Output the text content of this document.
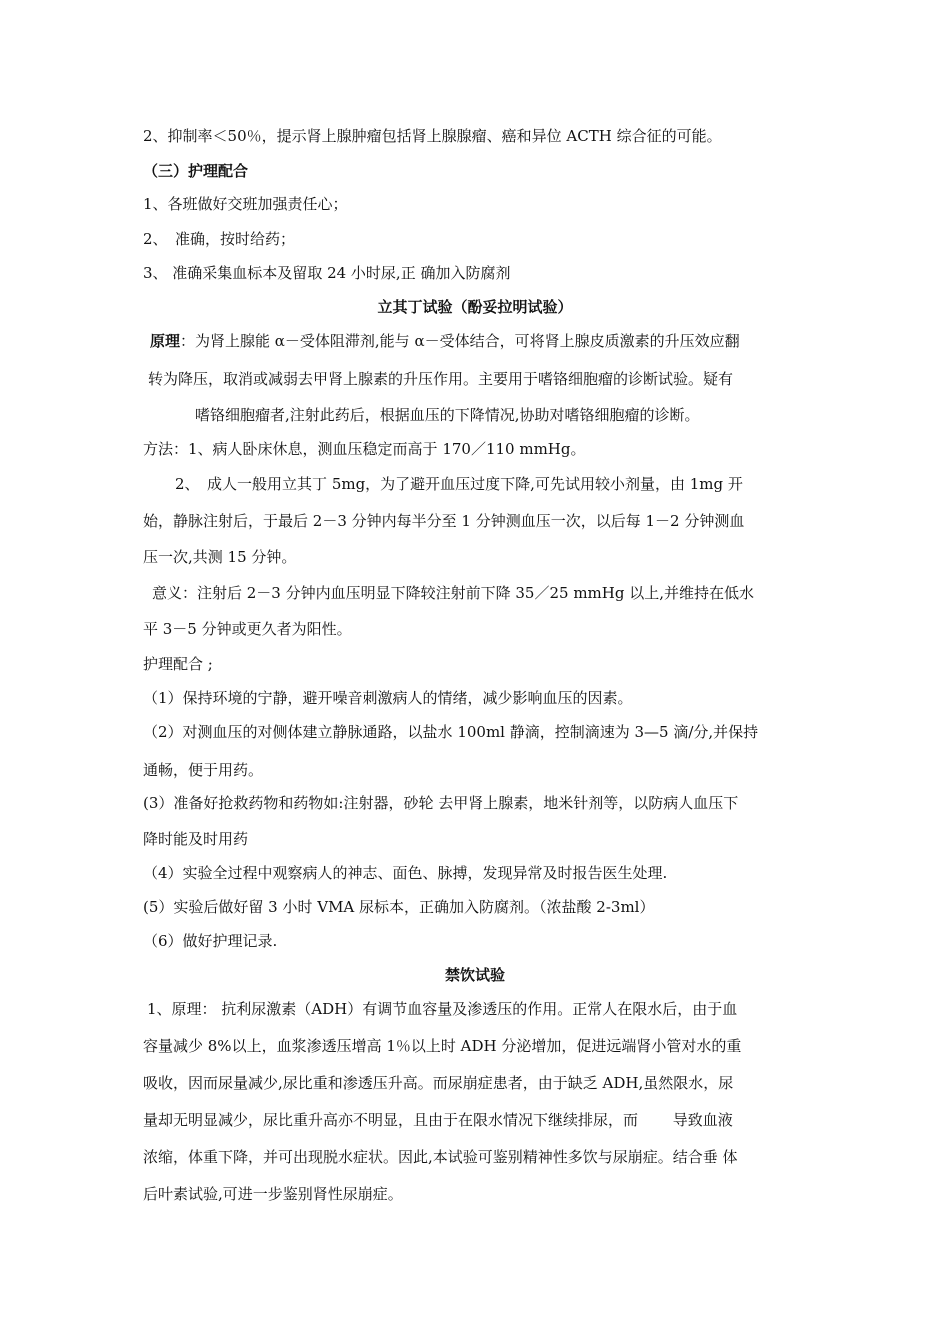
2、抑制率＜50％，提示肾上腺肿瘤包括肾上腺腺瘤、癌和异位 ACTH 综合征的可能。
（三）护理配合
1、各班做好交班加强责任心；
2、　准确，按时给药；
3、 准确采集血标本及留取 24 小时尿,正 确加入防腐剂
立其丁试验（酚妥拉明试验）
原理：为肾上腺能 α－受体阻滞剂,能与 α－受体结合，可将肾上腺皮质激素的升压效应翻
转为降压，取消或减弱去甲肾上腺素的升压作用。主要用于嗜铬细胞瘤的诊断试验。疑有
嗜铬细胞瘤者,注射此药后，根据血压的下降情况,协助对嗜铬细胞瘤的诊断。
方法：1、病人卧床休息，测血压稳定而高于 170／110 mmHg。
2、　成人一般用立其丁 5mg，为了避开血压过度下降,可先试用较小剂量，由 1mg 开
始，静脉注射后，于最后 2－3 分钟内每半分至 1 分钟测血压一次，以后每 1－2 分钟测血
压一次,共测 15 分钟。
意义：注射后 2－3 分钟内血压明显下降较注射前下降 35／25 mmHg 以上,并维持在低水
平 3－5 分钟或更久者为阳性。
护理配合 ;
（1）保持环境的宁静，避开噪音刺激病人的情绪，减少影响血压的因素。
（2）对测血压的对侧体建立静脉通路，以盐水 100ml 静滴，控制滴速为 3—5 滴/分,并保持
通畅，便于用药。
(3）准备好抢救药物和药物如:注射器，砂轮 去甲肾上腺素，地米针剂等，以防病人血压下
降时能及时用药
（4）实验全过程中观察病人的神志、面色、脉搏，发现异常及时报告医生处理.
(5）实验后做好留 3 小时 VMA 尿标本，正确加入防腐剂。（浓盐酸 2-3ml）
（6）做好护理记录.
禁饮试验
1、原理： 抗利尿激素（ADH）有调节血容量及渗透压的作用。正常人在限水后，由于血
容量减少 8%以上，血浆渗透压增高 1％以上时 ADH 分泌增加，促进远端肾小管对水的重
吸收，因而尿量减少,尿比重和渗透压升高。而尿崩症患者，由于缺乏 ADH,虽然限水，尿
量却无明显减少，尿比重升高亦不明显，且由于在限水情况下继续排尿，而　　 导致血液
浓缩，体重下降，并可出现脱水症状。因此,本试验可鉴别精神性多饮与尿崩症。结合垂 体
后叶素试验,可进一步鉴别肾性尿崩症。
